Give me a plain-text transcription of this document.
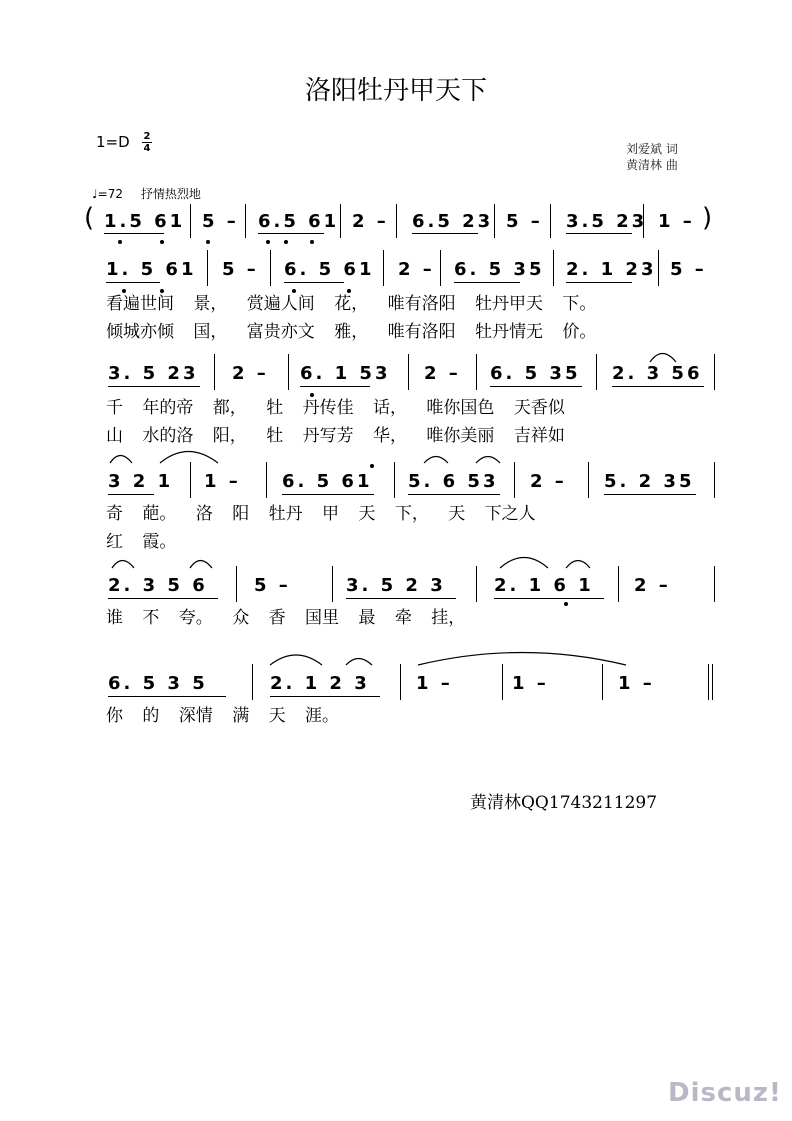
洛阳牡丹甲天下
1=D 2
4	刘爱斌 词
黄清林 曲
♩=72 抒情热烈地
(	)
1.5 61 5 – 6.5 61 2 – 6.5 23 5 – 3.5 23 1 –
1. 5 61 5 – 6. 5 61 2 – 6. 5 35 2. 1 23 5 –
看遍世间 景， 赏遍人间 花， 唯有洛阳 牡丹甲天 下。
倾城亦倾 国， 富贵亦文 雅， 唯有洛阳 牡丹情无 价。
3. 5 23 2 – 6. 1 53 2 – 6. 5 35 2. 3 56
千 年的帝 都， 牡 丹传佳 话， 唯你国色 天香似
山 水的洛 阳， 牡 丹写芳 华， 唯你美丽 吉祥如
3 2 1 1 – 6. 5 61 5. 6 53 2 – 5. 2 35
奇 葩。 洛 阳 牡丹 甲 天 下， 天 下之人
红 霞。
2. 3 5 6	5 –	3. 5 2 3	2. 1 6 1 2 –
谁 不 夸。 众 香 国里 最 牵 挂，
6. 5 3 5	2. 1 2 3	1 –	1 –	1 –
你 的 深情 满 天 涯。
黄清林QQ1743211297
Discuz!
